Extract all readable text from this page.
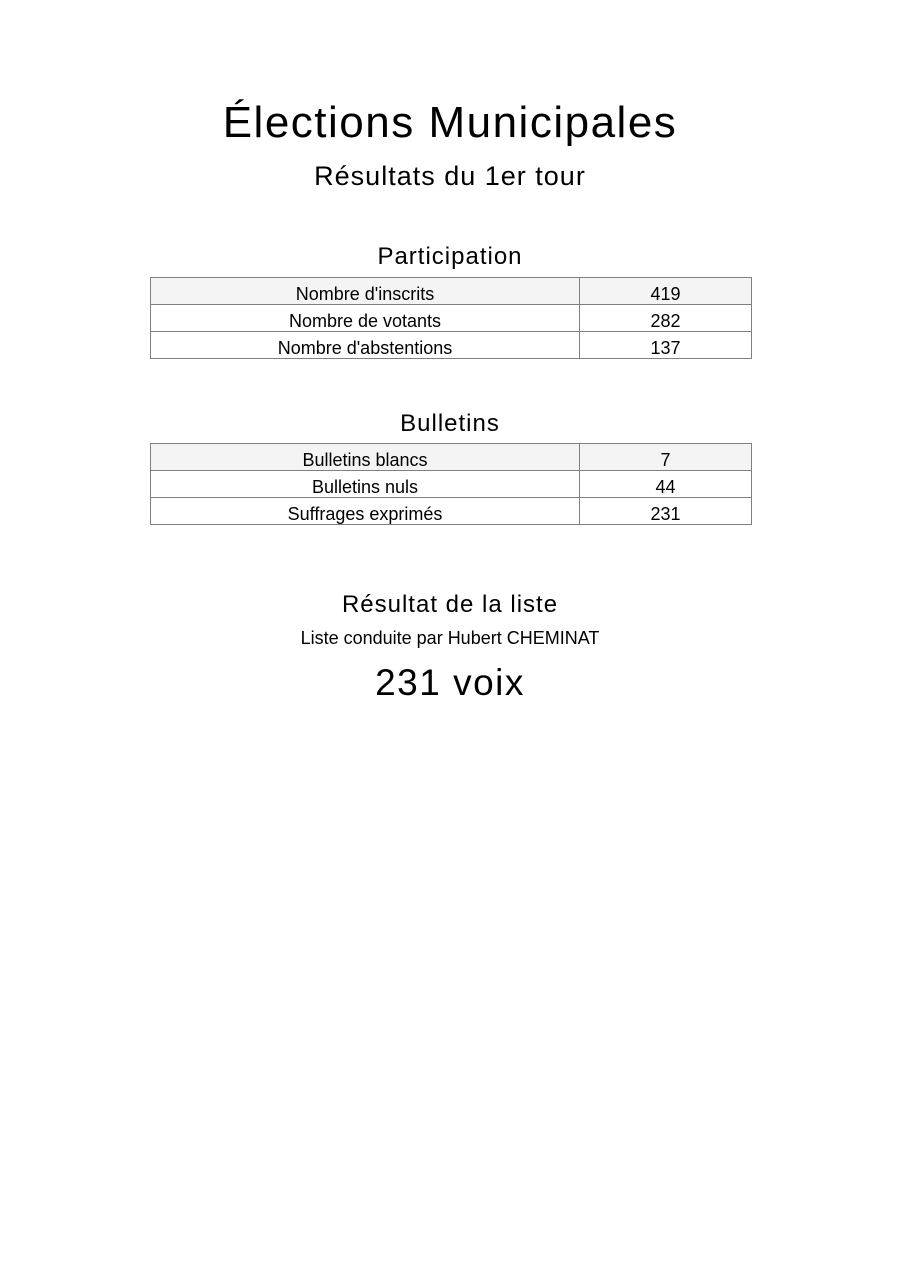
Élections Municipales
Résultats du 1er tour
Participation
Nombre d'inscrits	419
Nombre de votants	282
Nombre d'abstentions	137
Bulletins
Bulletins blancs	7
Bulletins nuls	44
Suffrages exprimés	231
Résultat de la liste
Liste conduite par Hubert CHEMINAT
231 voix
